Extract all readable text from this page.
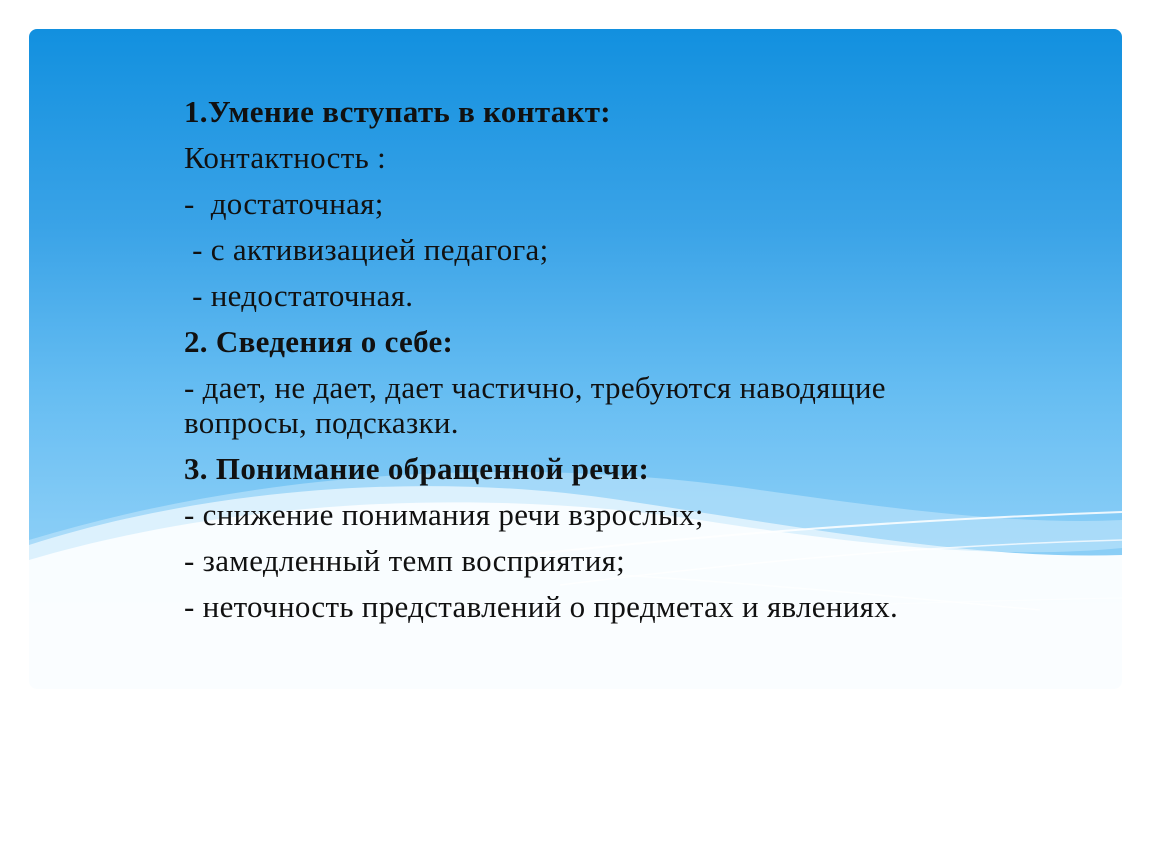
1.Умение вступать в контакт:
Контактность :
-  достаточная;
- с активизацией педагога;
- недостаточная.
2. Сведения о себе:
- дает, не дает, дает частично, требуются наводящие вопросы, подсказки.
3. Понимание обращенной речи:
- снижение понимания речи взрослых;
- замедленный темп восприятия;
- неточность представлений о предметах и явлениях.
